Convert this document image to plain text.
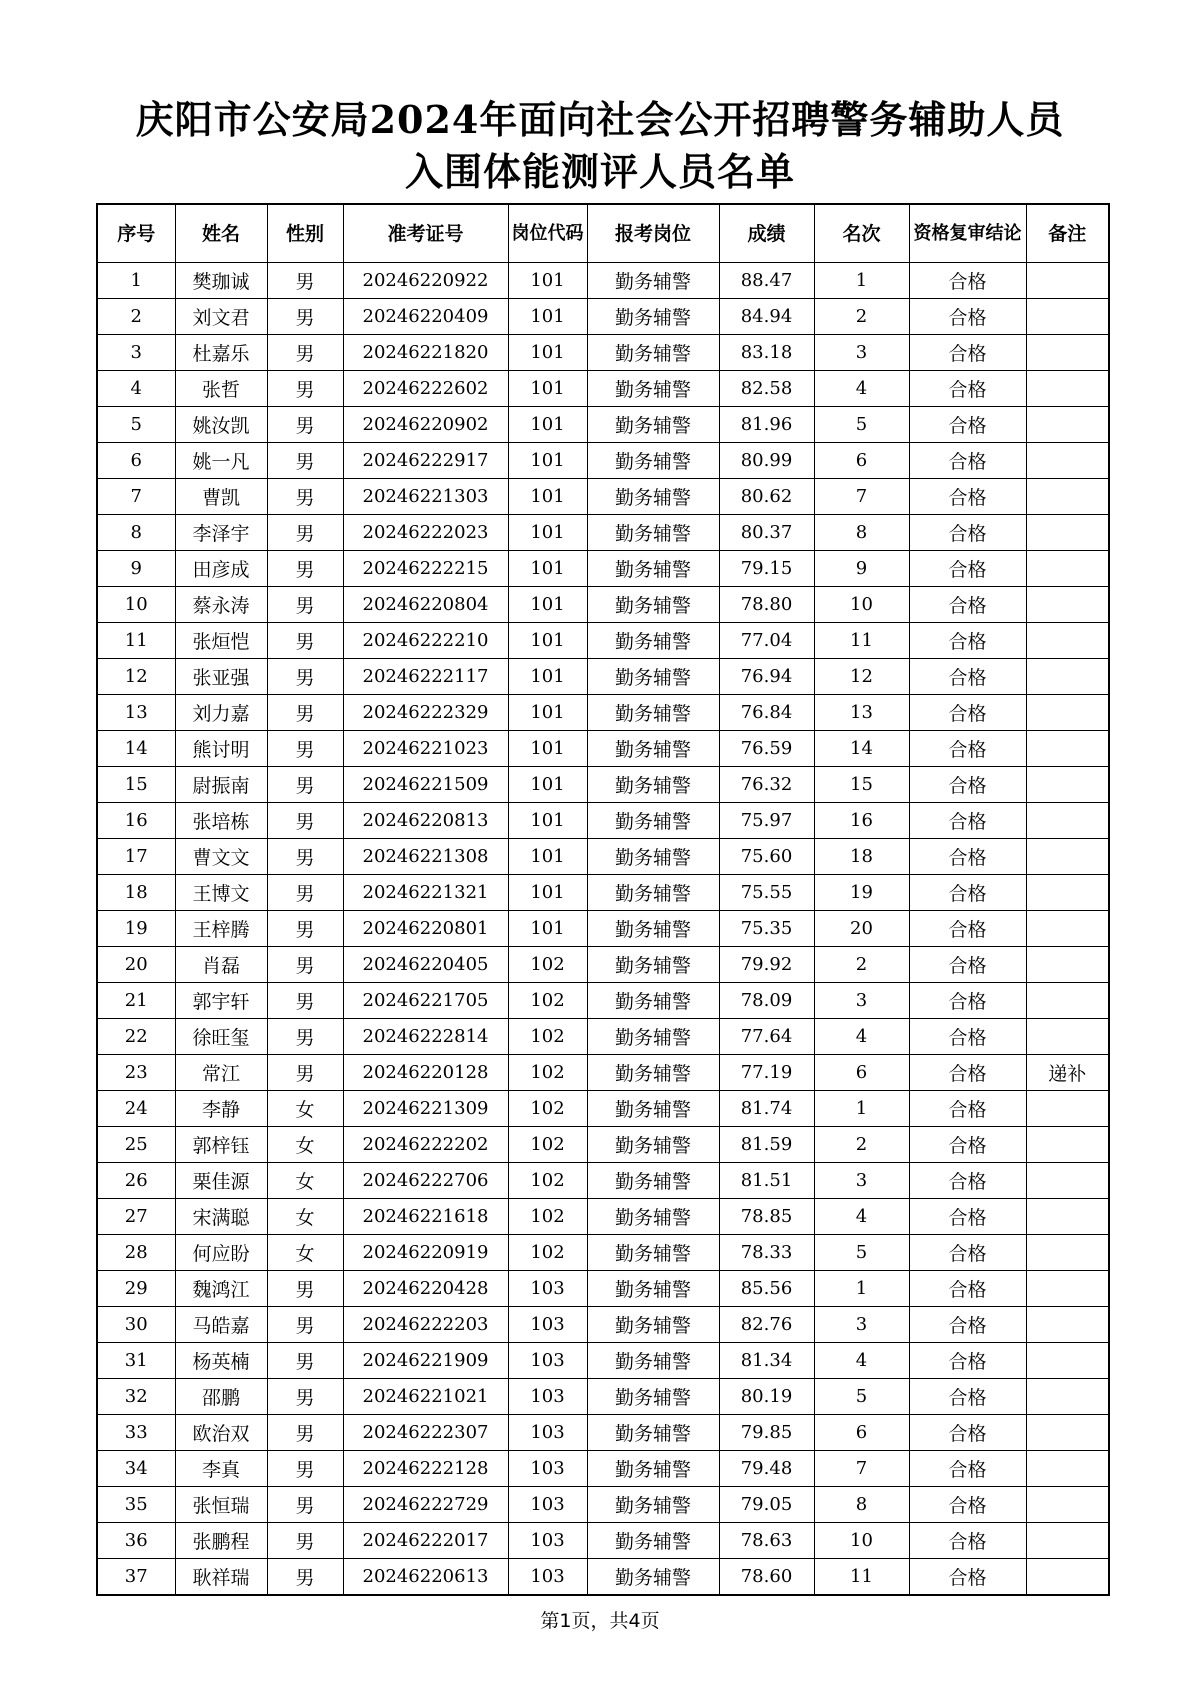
庆阳市公安局2024年面向社会公开招聘警务辅助人员
入围体能测评人员名单
序号	姓名	性别	准考证号	岗位代码	报考岗位	成绩	名次	资格复审结论	备注
1	樊珈诚	男	20246220922	101	勤务辅警	88.47	1	合格	
2	刘文君	男	20246220409	101	勤务辅警	84.94	2	合格	
3	杜嘉乐	男	20246221820	101	勤务辅警	83.18	3	合格	
4	张哲	男	20246222602	101	勤务辅警	82.58	4	合格	
5	姚汝凯	男	20246220902	101	勤务辅警	81.96	5	合格	
6	姚一凡	男	20246222917	101	勤务辅警	80.99	6	合格	
7	曹凯	男	20246221303	101	勤务辅警	80.62	7	合格	
8	李泽宇	男	20246222023	101	勤务辅警	80.37	8	合格	
9	田彦成	男	20246222215	101	勤务辅警	79.15	9	合格	
10	蔡永涛	男	20246220804	101	勤务辅警	78.80	10	合格	
11	张烜恺	男	20246222210	101	勤务辅警	77.04	11	合格	
12	张亚强	男	20246222117	101	勤务辅警	76.94	12	合格	
13	刘力嘉	男	20246222329	101	勤务辅警	76.84	13	合格	
14	熊讨明	男	20246221023	101	勤务辅警	76.59	14	合格	
15	尉振南	男	20246221509	101	勤务辅警	76.32	15	合格	
16	张培栋	男	20246220813	101	勤务辅警	75.97	16	合格	
17	曹文文	男	20246221308	101	勤务辅警	75.60	18	合格	
18	王博文	男	20246221321	101	勤务辅警	75.55	19	合格	
19	王梓腾	男	20246220801	101	勤务辅警	75.35	20	合格	
20	肖磊	男	20246220405	102	勤务辅警	79.92	2	合格	
21	郭宇轩	男	20246221705	102	勤务辅警	78.09	3	合格	
22	徐旺玺	男	20246222814	102	勤务辅警	77.64	4	合格	
23	常江	男	20246220128	102	勤务辅警	77.19	6	合格	递补
24	李静	女	20246221309	102	勤务辅警	81.74	1	合格	
25	郭梓钰	女	20246222202	102	勤务辅警	81.59	2	合格	
26	栗佳源	女	20246222706	102	勤务辅警	81.51	3	合格	
27	宋满聪	女	20246221618	102	勤务辅警	78.85	4	合格	
28	何应盼	女	20246220919	102	勤务辅警	78.33	5	合格	
29	魏鸿江	男	20246220428	103	勤务辅警	85.56	1	合格	
30	马皓嘉	男	20246222203	103	勤务辅警	82.76	3	合格	
31	杨英楠	男	20246221909	103	勤务辅警	81.34	4	合格	
32	邵鹏	男	20246221021	103	勤务辅警	80.19	5	合格	
33	欧治双	男	20246222307	103	勤务辅警	79.85	6	合格	
34	李真	男	20246222128	103	勤务辅警	79.48	7	合格	
35	张恒瑞	男	20246222729	103	勤务辅警	79.05	8	合格	
36	张鹏程	男	20246222017	103	勤务辅警	78.63	10	合格	
37	耿祥瑞	男	20246220613	103	勤务辅警	78.60	11	合格	
第1页，共4页
